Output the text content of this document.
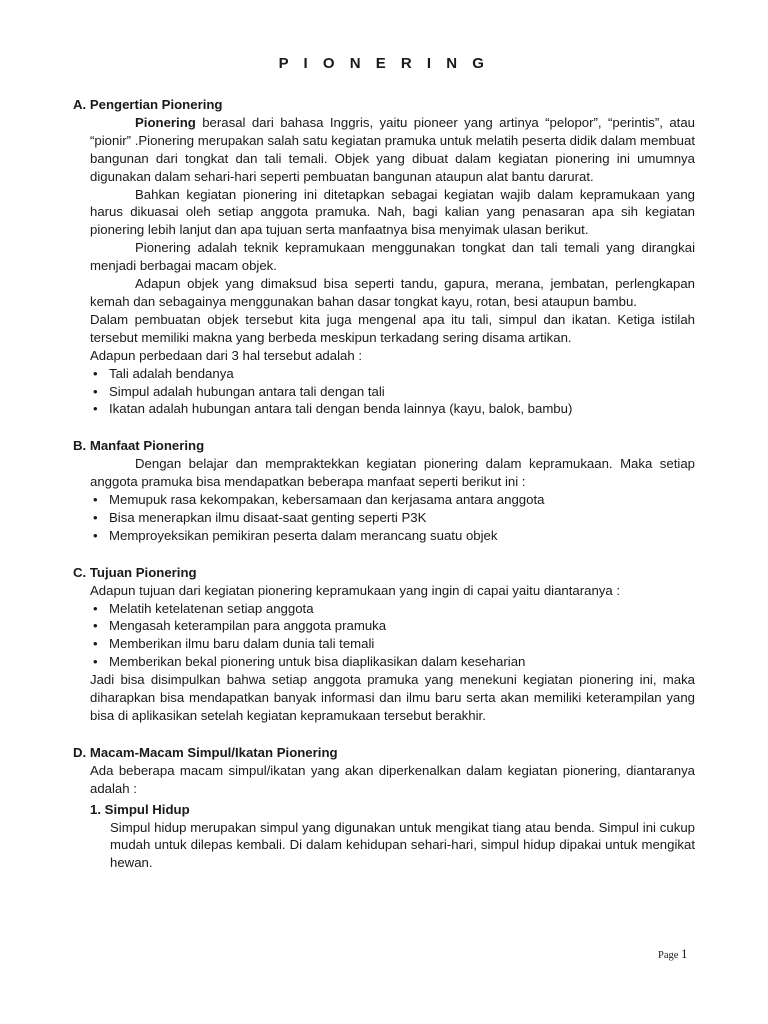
P I O N E R I N G

A. Pengertian Pionering

Pionering berasal dari bahasa Inggris, yaitu pioneer yang artinya “pelopor”, “perintis”, atau “pionir” .Pionering merupakan salah satu kegiatan pramuka untuk melatih peserta didik dalam membuat bangunan dari tongkat dan tali temali. Objek yang dibuat dalam kegiatan pionering ini umumnya digunakan dalam sehari-hari seperti pembuatan bangunan ataupun alat bantu darurat.

Bahkan kegiatan pionering ini ditetapkan sebagai kegiatan wajib dalam kepramukaan yang harus dikuasai oleh setiap anggota pramuka. Nah, bagi kalian yang penasaran apa sih kegiatan pionering lebih lanjut dan apa tujuan serta manfaatnya bisa menyimak ulasan berikut.

Pionering adalah teknik kepramukaan menggunakan tongkat dan tali temali yang dirangkai menjadi berbagai macam objek.

Adapun objek yang dimaksud bisa seperti tandu, gapura, merana, jembatan, perlengkapan kemah dan sebagainya menggunakan bahan dasar tongkat kayu, rotan, besi ataupun bambu.

Dalam pembuatan objek tersebut kita juga mengenal apa itu tali, simpul dan ikatan. Ketiga istilah tersebut memiliki makna yang berbeda meskipun terkadang sering disama artikan.

Adapun perbedaan dari 3 hal tersebut adalah :

• Tali adalah bendanya
• Simpul adalah hubungan antara tali dengan tali
• Ikatan adalah hubungan antara tali dengan benda lainnya (kayu, balok, bambu)

B. Manfaat Pionering

Dengan belajar dan mempraktekkan kegiatan pionering dalam kepramukaan. Maka setiap anggota pramuka bisa mendapatkan beberapa manfaat seperti berikut ini :

• Memupuk rasa kekompakan, kebersamaan dan kerjasama antara anggota
• Bisa menerapkan ilmu disaat-saat genting seperti P3K
• Memproyeksikan pemikiran peserta dalam merancang suatu objek

C. Tujuan Pionering

Adapun tujuan dari kegiatan pionering kepramukaan yang ingin di capai yaitu diantaranya :

• Melatih ketelatenan setiap anggota
• Mengasah keterampilan para anggota pramuka
• Memberikan ilmu baru dalam dunia tali temali
• Memberikan bekal pionering untuk bisa diaplikasikan dalam keseharian

Jadi bisa disimpulkan bahwa setiap anggota pramuka yang menekuni kegiatan pionering ini, maka diharapkan bisa mendapatkan banyak informasi dan ilmu baru serta akan memiliki keterampilan yang bisa di aplikasikan setelah kegiatan kepramukaan tersebut berakhir.

D. Macam-Macam Simpul/Ikatan Pionering

Ada beberapa macam simpul/ikatan yang akan diperkenalkan dalam kegiatan pionering, diantaranya adalah :

1. Simpul Hidup

Simpul hidup merupakan simpul yang digunakan untuk mengikat tiang atau benda. Simpul ini cukup mudah untuk dilepas kembali. Di dalam kehidupan sehari-hari, simpul hidup dipakai untuk mengikat hewan.

Page 1
